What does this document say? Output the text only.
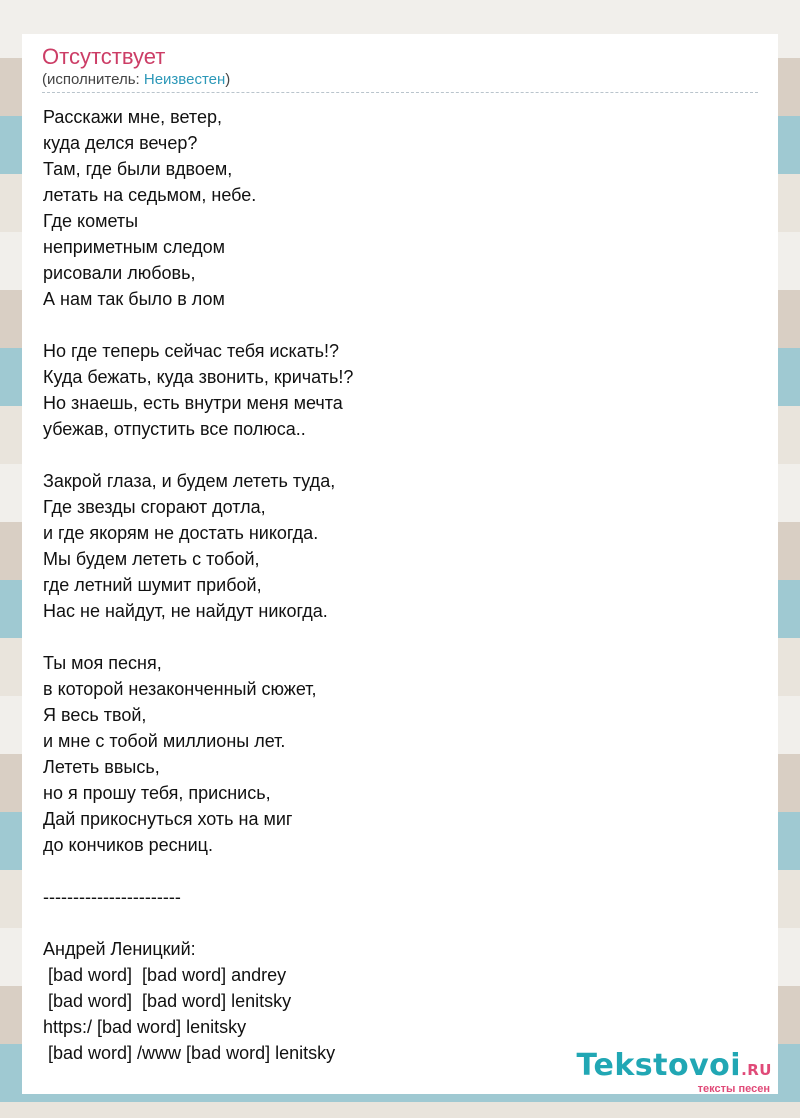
Отсутствует
(исполнитель: Неизвестен)
Расскажи мне, ветер,
куда делся вечер?
Там, где были вдвоем,
летать на седьмом, небе.
Где кометы
неприметным следом
рисовали любовь,
А нам так было в лом
Но где теперь сейчас тебя искать!?
Куда бежать, куда звонить, кричать!?
Но знаешь, есть внутри меня мечта
убежав, отпустить все полюса..
Закрой глаза, и будем лететь туда,
Где звезды сгорают дотла,
и где якорям не достать никогда.
Мы будем лететь с тобой,
где летний шумит прибой,
Нас не найдут, не найдут никогда.
Ты моя песня,
в которой незаконченный сюжет,
Я весь твой,
и мне с тобой миллионы лет.
Лететь ввысь,
но я прошу тебя, приснись,
Дай прикоснуться хоть на миг
до кончиков ресниц.
-----------------------
Андрей Леницкий:
[bad word]  [bad word] andrey
[bad word]  [bad word] lenitsky
https:/ [bad word] lenitsky
[bad word] /www [bad word] lenitsky	Tekstovoi.RU
тексты песен
